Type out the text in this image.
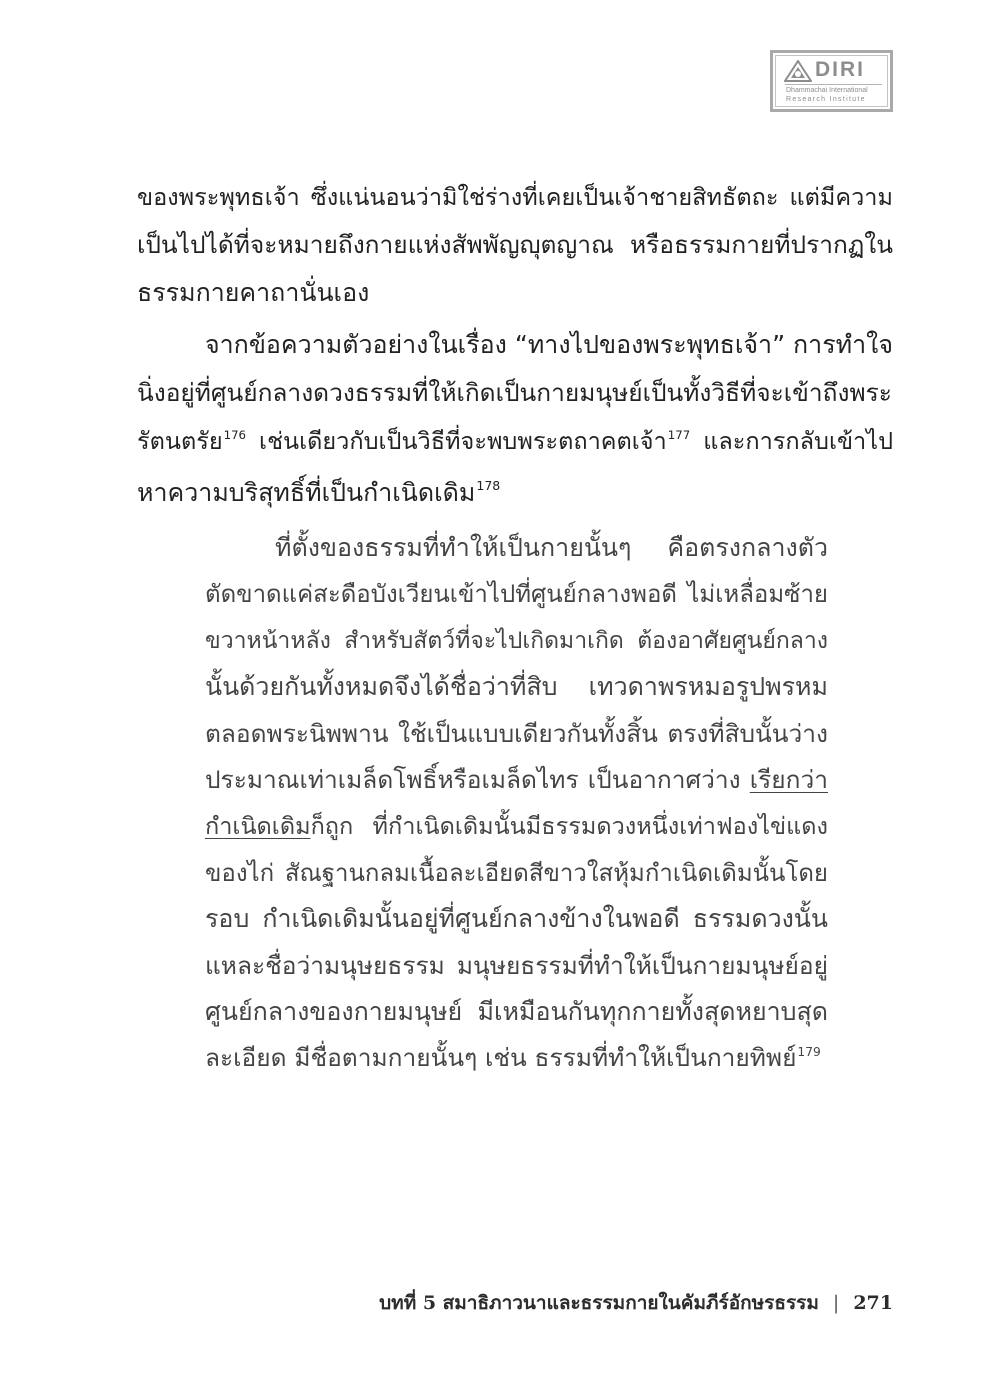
DIRI
Dhammachai International
Research Institute
ของพระพุทธเจ้า ซึ่งแน่นอนว่ามิใช่ร่างที่เคยเป็นเจ้าชายสิทธัตถะ แต่มีความ
เป็นไปได้ที่จะหมายถึงกายแห่งสัพพัญญุตญาณ หรือธรรมกายที่ปรากฏใน
ธรรมกายคาถานั่นเอง
จากข้อความตัวอย่างในเรื่อง “ทางไปของพระพุทธเจ้า” การทำใจ
นิ่งอยู่ที่ศูนย์กลางดวงธรรมที่ให้เกิดเป็นกายมนุษย์เป็นทั้งวิธีที่จะเข้าถึงพระ
รัตนตรัย$^{176}$ เช่นเดียวกับเป็นวิธีที่จะพบพระตถาคตเจ้า$^{177}$ และการกลับเข้าไป
หาความบริสุทธิ์ที่เป็นกำเนิดเดิม$^{178}$
ที่ตั้งของธรรมที่ทำให้เป็นกายนั้นๆ คือตรงกลางตัว
ตัดขาดแค่สะดือบังเวียนเข้าไปที่ศูนย์กลางพอดี ไม่เหลื่อมซ้าย
ขวาหน้าหลัง สำหรับสัตว์ที่จะไปเกิดมาเกิด ต้องอาศัยศูนย์กลาง
นั้นด้วยกันทั้งหมดจึงได้ชื่อว่าที่สิบ เทวดาพรหมอรูปพรหม
ตลอดพระนิพพาน ใช้เป็นแบบเดียวกันทั้งสิ้น ตรงที่สิบนั้นว่าง
ประมาณเท่าเมล็ดโพธิ์หรือเมล็ดไทร เป็นอากาศว่าง เรียกว่า
กำเนิดเดิมก็ถูก ที่กำเนิดเดิมนั้นมีธรรมดวงหนึ่งเท่าฟองไข่แดง
ของไก่ สัณฐานกลมเนื้อละเอียดสีขาวใสหุ้มกำเนิดเดิมนั้นโดย
รอบ กำเนิดเดิมนั้นอยู่ที่ศูนย์กลางข้างในพอดี ธรรมดวงนั้น
แหละชื่อว่ามนุษยธรรม มนุษยธรรมที่ทำให้เป็นกายมนุษย์อยู่
ศูนย์กลางของกายมนุษย์ มีเหมือนกันทุกกายทั้งสุดหยาบสุด
ละเอียด มีชื่อตามกายนั้นๆ เช่น ธรรมที่ทำให้เป็นกายทิพย์$^{179}$
บทที่ 5 สมาธิภาวนาและธรรมกายในคัมภีร์อักษรธรรม | 271
